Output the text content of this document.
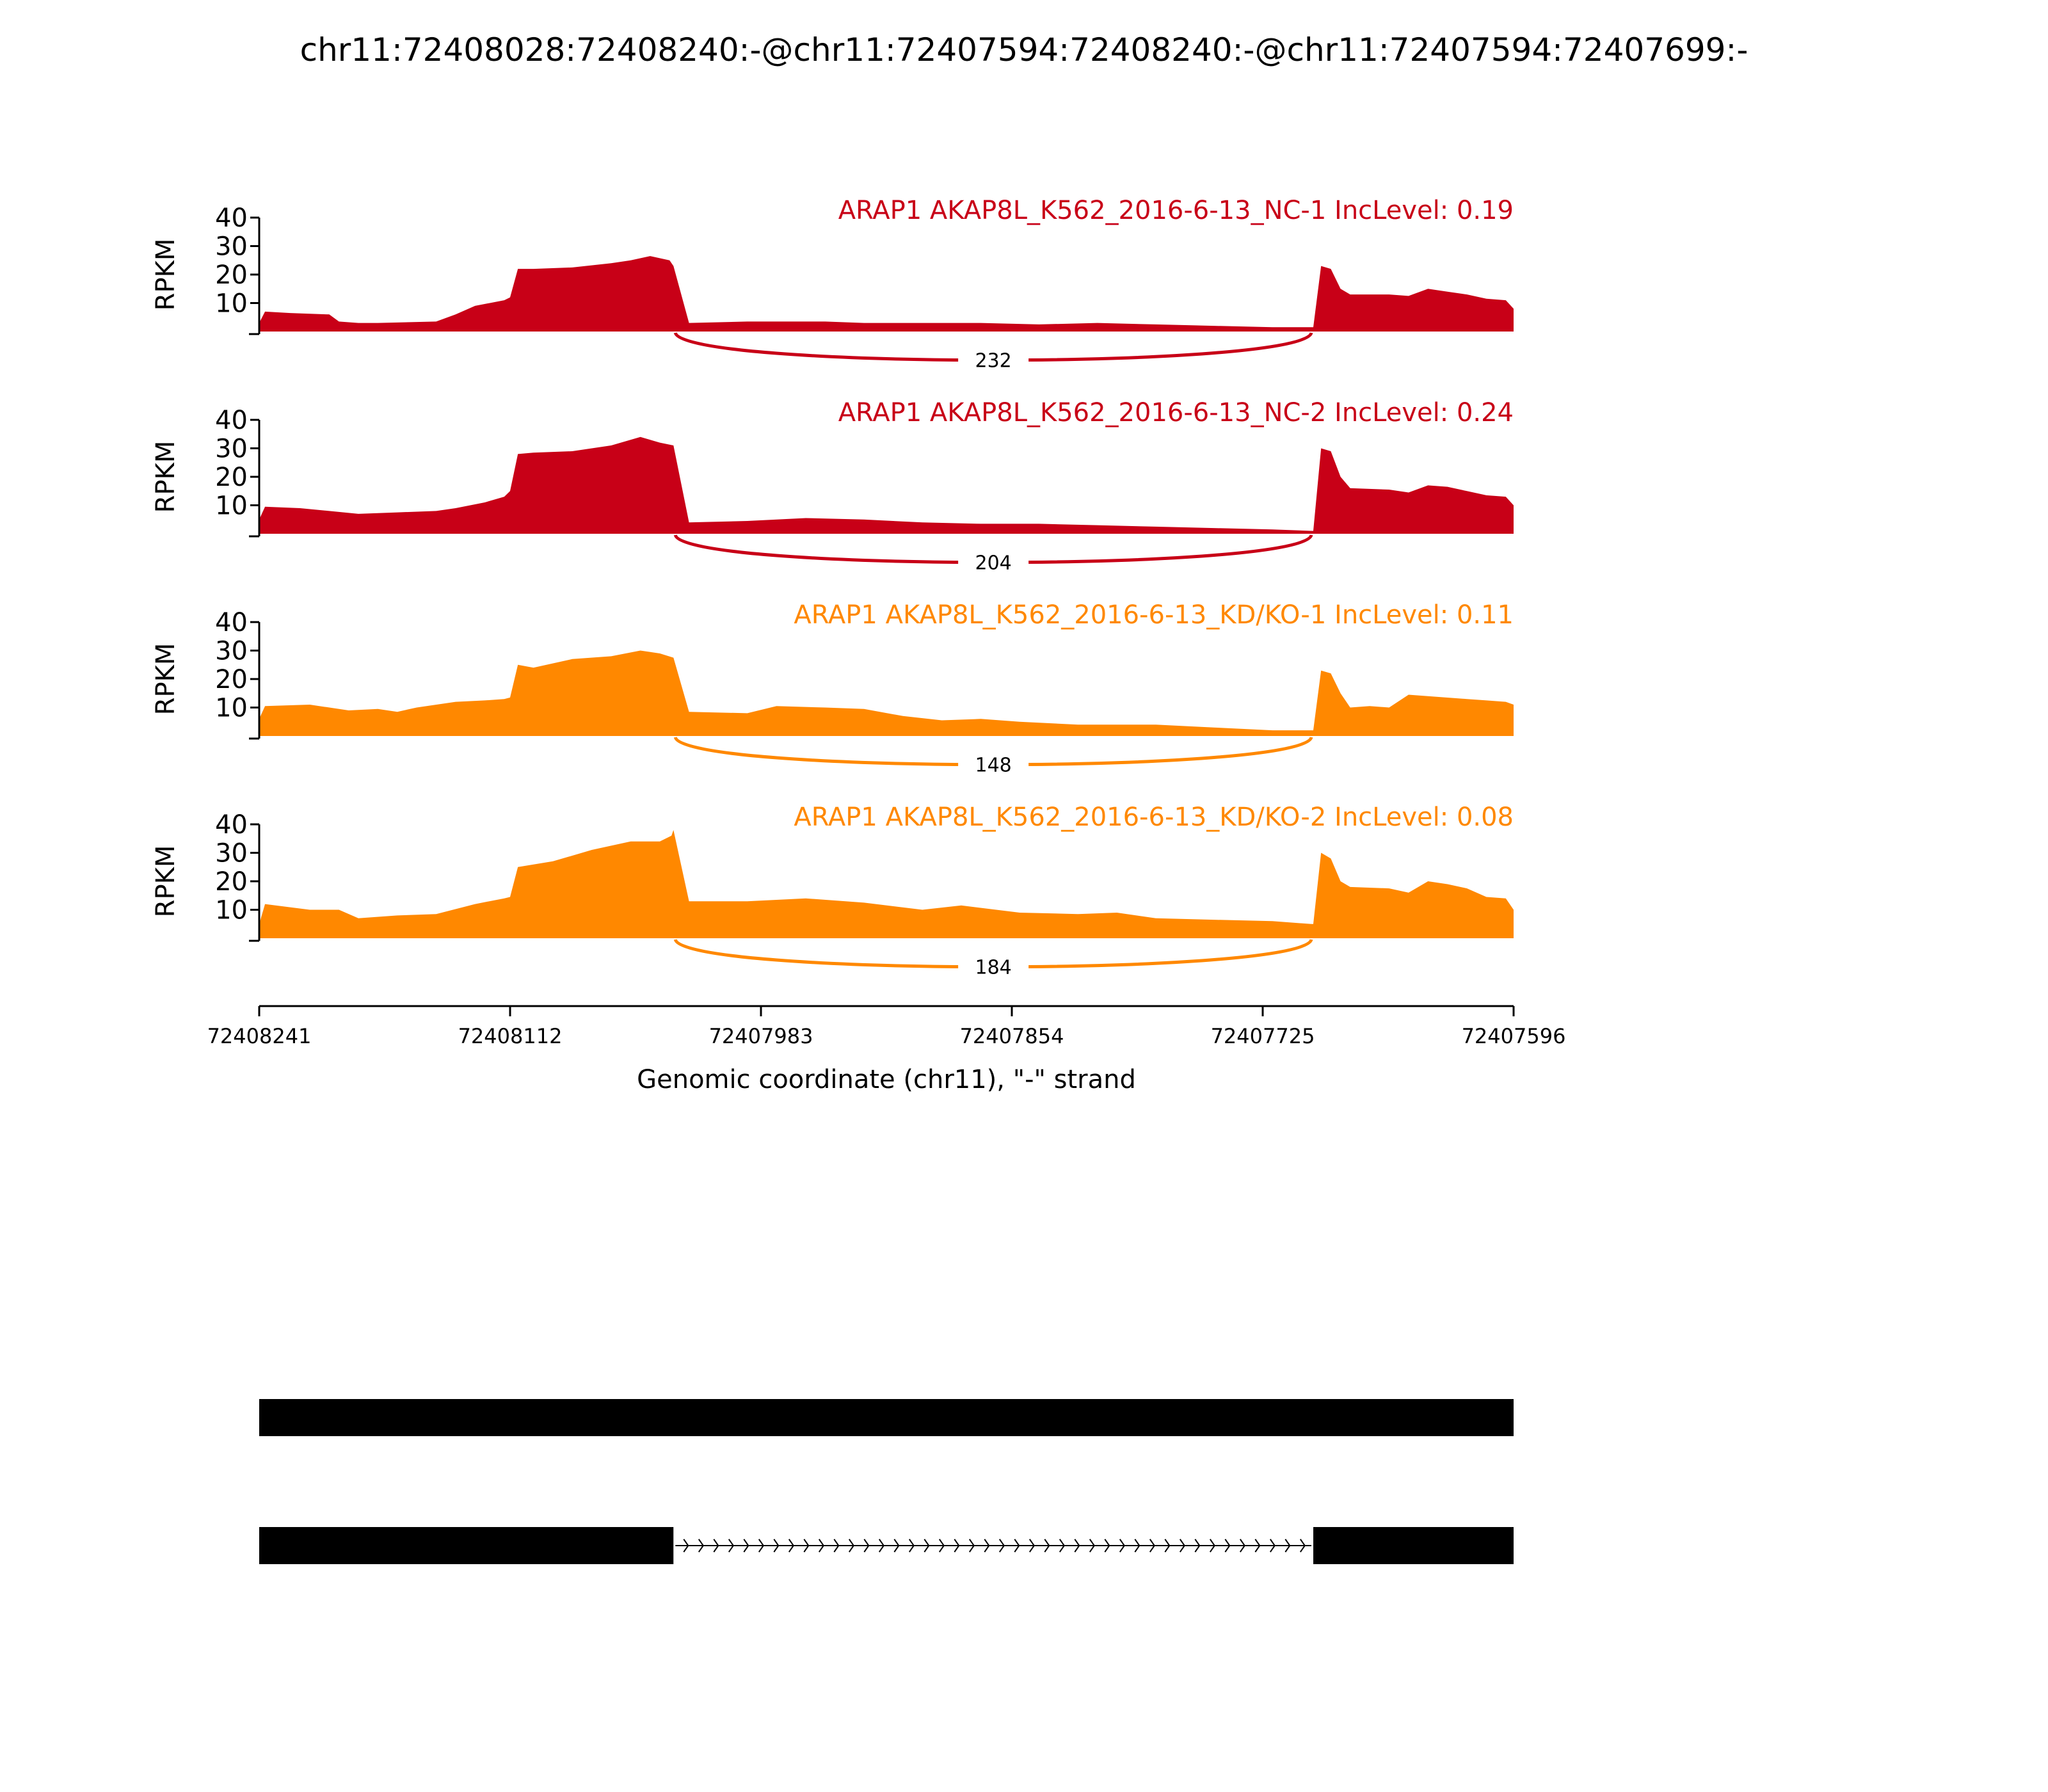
chr11:72408028:72408240:-@chr11:72407594:72408240:-@chr11:72407594:72407699:-
10
20
30
40
RPKM
ARAP1 AKAP8L_K562_2016-6-13_NC-1 IncLevel: 0.19
232
10
20
30
40
RPKM
ARAP1 AKAP8L_K562_2016-6-13_NC-2 IncLevel: 0.24
204
10
20
30
40
RPKM
ARAP1 AKAP8L_K562_2016-6-13_KD/KO-1 IncLevel: 0.11
148
10
20
30
40
RPKM
ARAP1 AKAP8L_K562_2016-6-13_KD/KO-2 IncLevel: 0.08
184
72408241	72408112	72407983	72407854	72407725	72407596
Genomic coordinate (chr11), "-" strand
